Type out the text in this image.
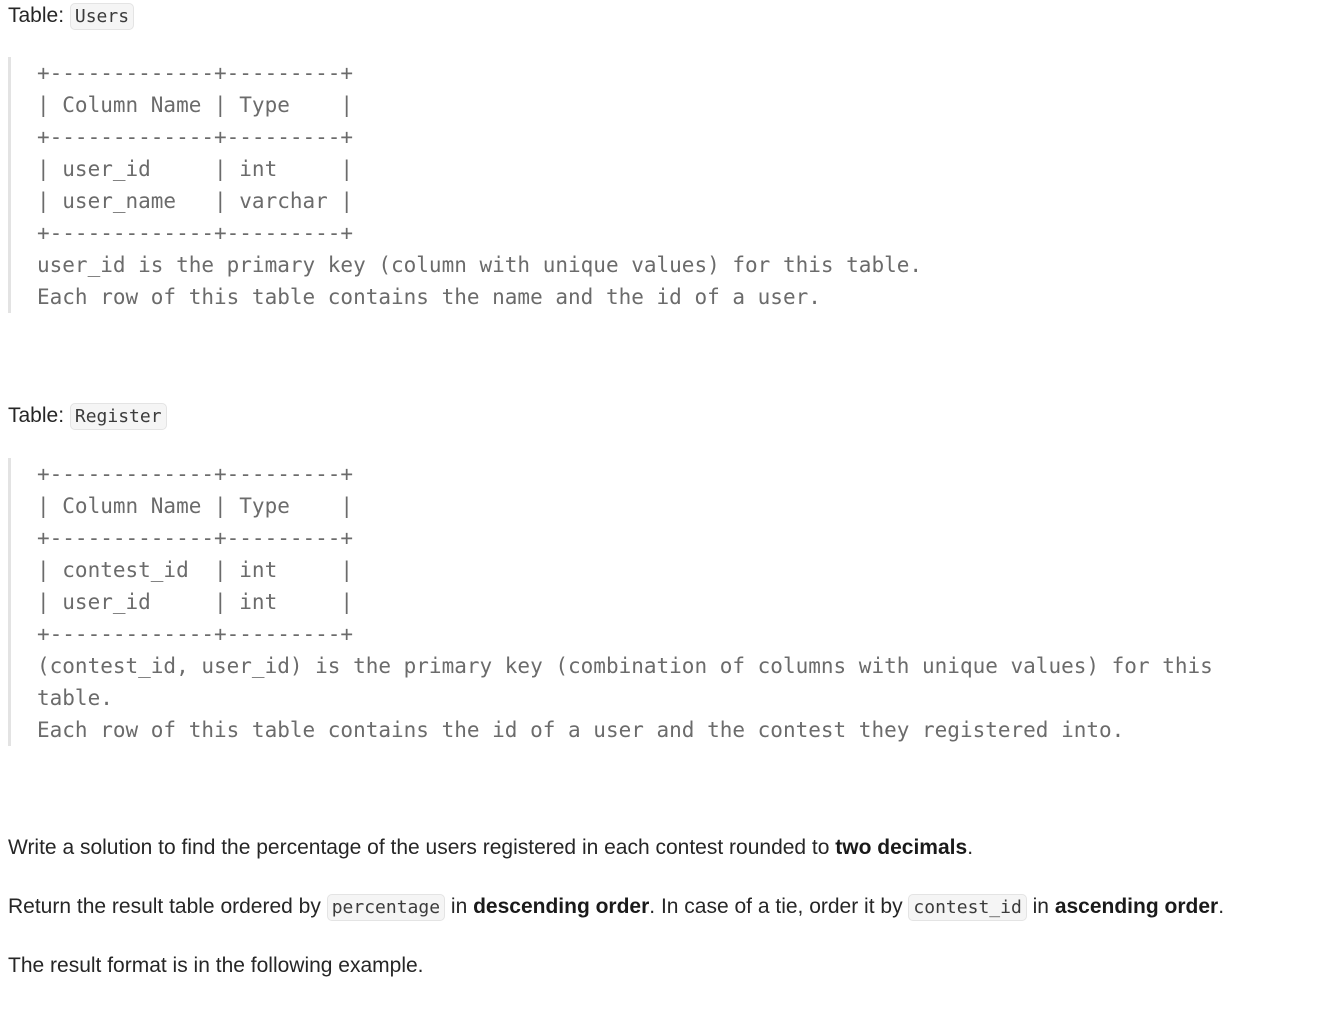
Table: Users
+-------------+---------+
| Column Name | Type    |
+-------------+---------+
| user_id     | int     |
| user_name   | varchar |
+-------------+---------+
user_id is the primary key (column with unique values) for this table.
Each row of this table contains the name and the id of a user.
Table: Register
+-------------+---------+
| Column Name | Type    |
+-------------+---------+
| contest_id  | int     |
| user_id     | int     |
+-------------+---------+
(contest_id, user_id) is the primary key (combination of columns with unique values) for this
table.
Each row of this table contains the id of a user and the contest they registered into.

Write a solution to find the percentage of the users registered in each contest rounded to two decimals.

Return the result table ordered by percentage in descending order. In case of a tie, order it by contest_id in ascending order.

The result format is in the following example.
